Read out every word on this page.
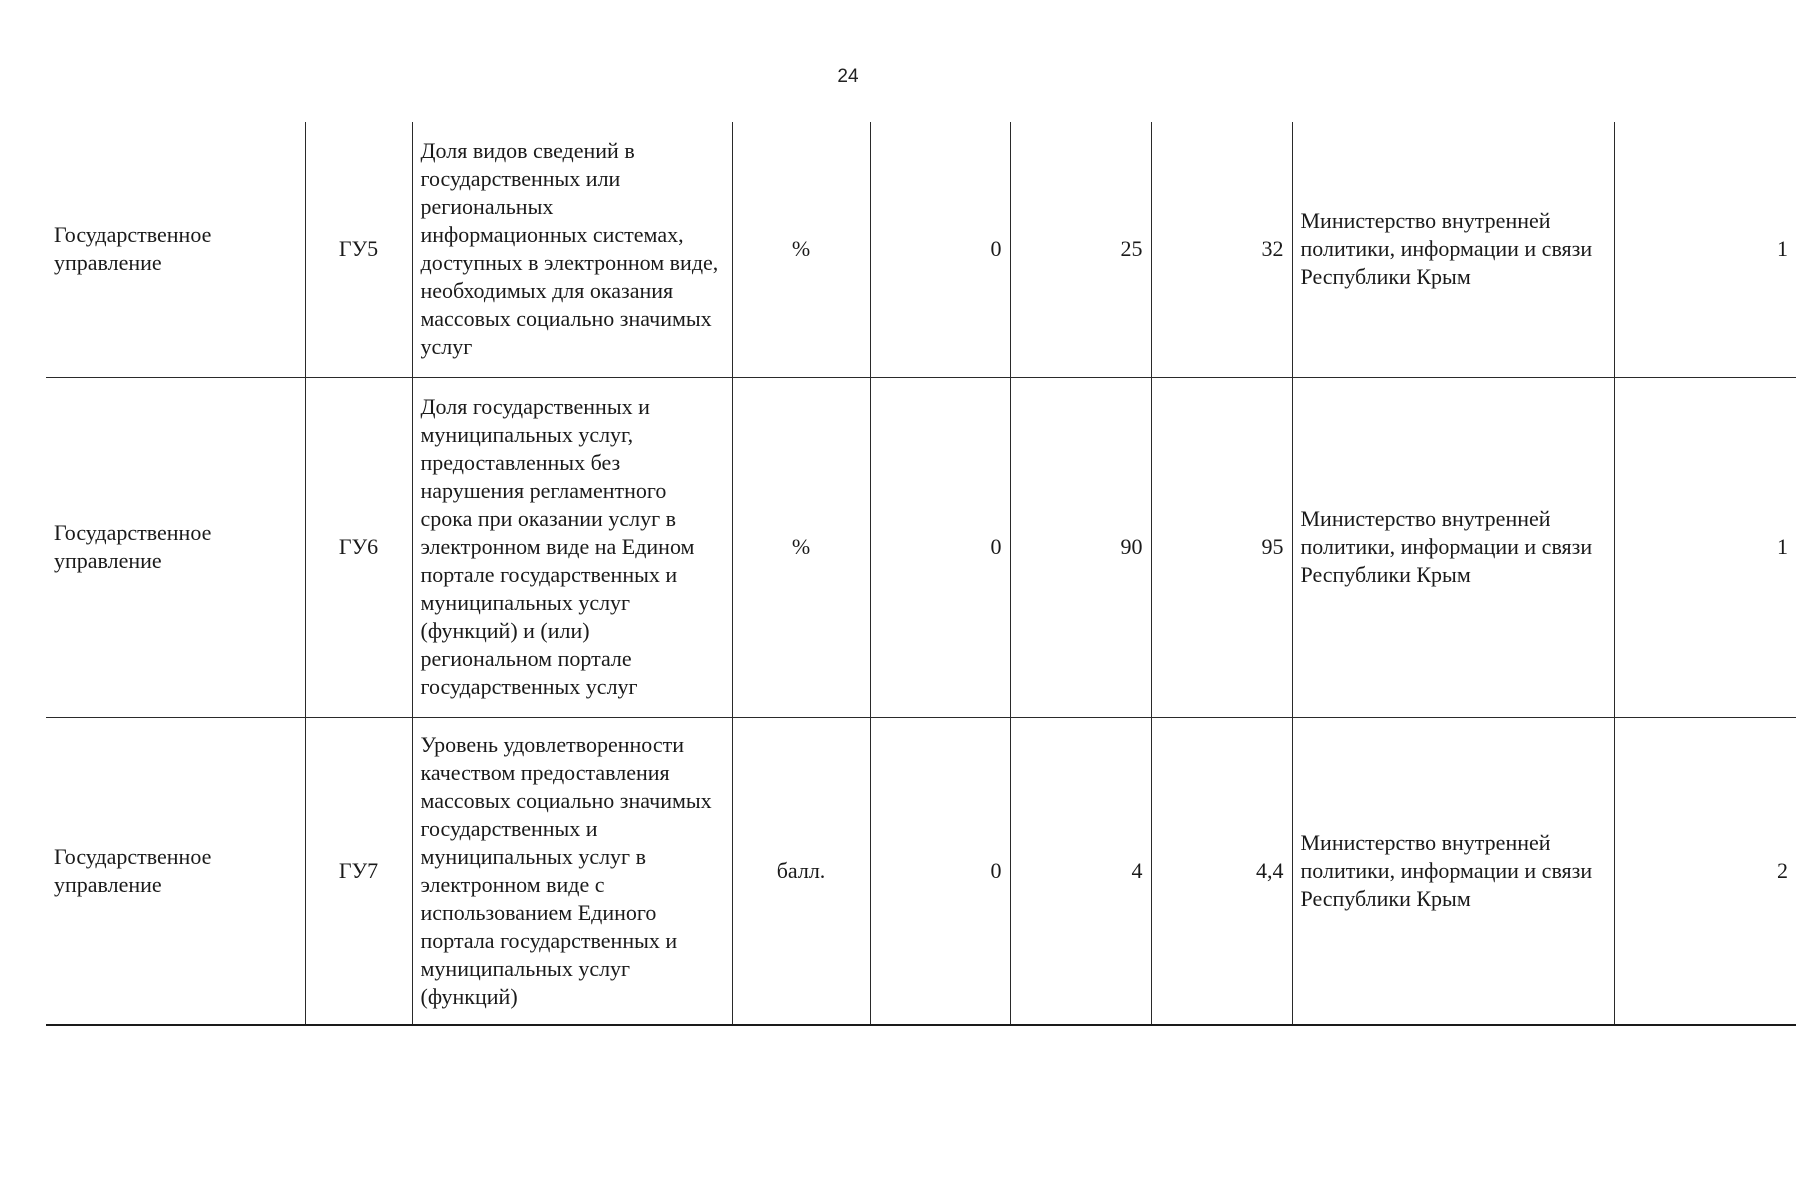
24
Государственное управление	ГУ5	Доля видов сведений в государственных или региональных информационных системах, доступных в электронном виде, необходимых для оказания массовых социально значимых услуг	%	0	25	32	Министерство внутренней политики, информации и связи Республики Крым	1
Государственное управление	ГУ6	Доля государственных и муниципальных услуг, предоставленных без нарушения регламентного срока при оказании услуг в электронном виде на Едином портале государственных и муниципальных услуг (функций) и (или) региональном портале государственных услуг	%	0	90	95	Министерство внутренней политики, информации и связи Республики Крым	1
Государственное управление	ГУ7	Уровень удовлетворенности качеством предоставления массовых социально значимых государственных и муниципальных услуг в электронном виде с использованием Единого портала государственных и муниципальных услуг (функций)	балл.	0	4	4,4	Министерство внутренней политики, информации и связи Республики Крым	2
